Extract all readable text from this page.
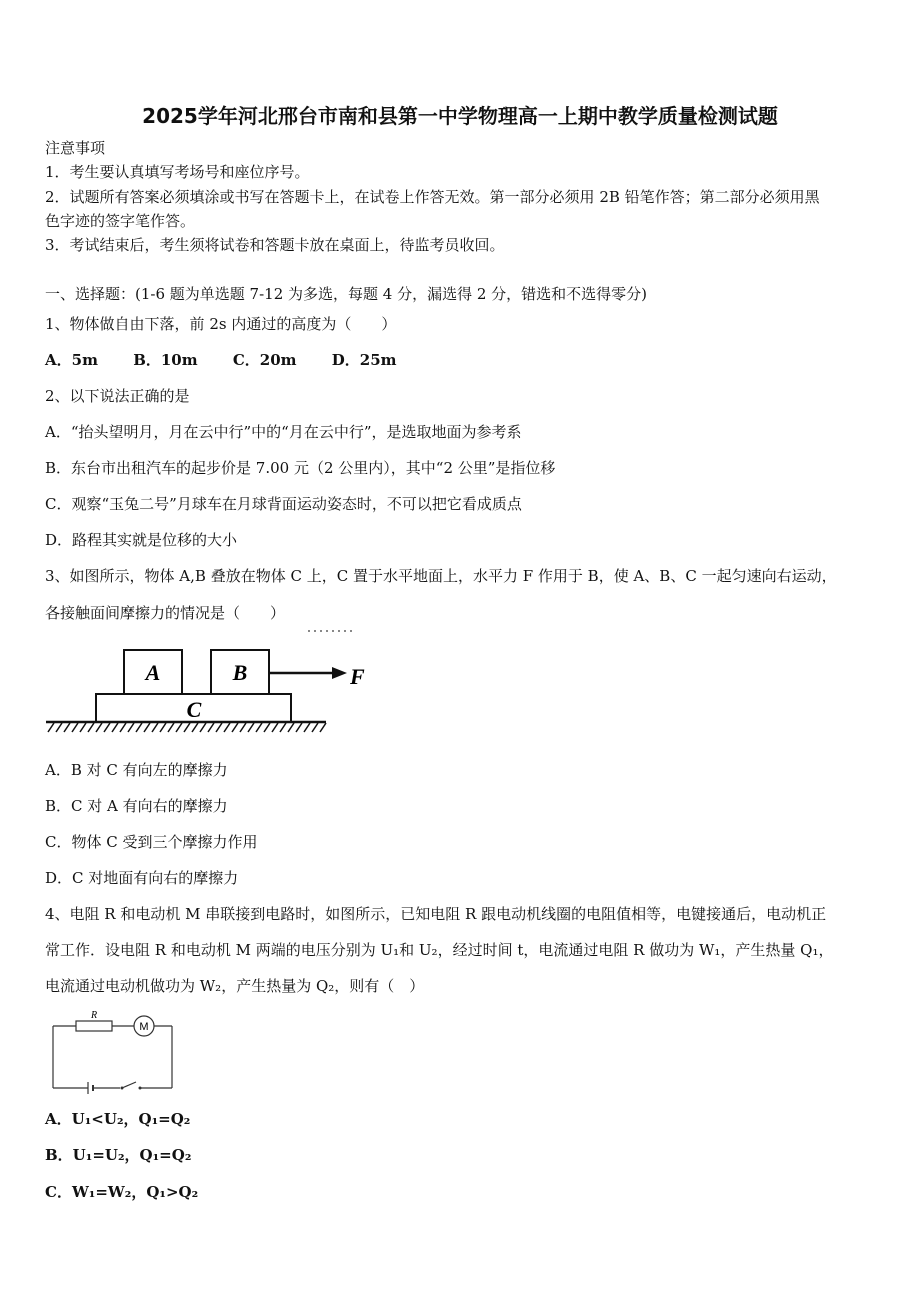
2025学年河北邢台市南和县第一中学物理高一上期中教学质量检测试题
注意事项
1．考生要认真填写考场号和座位序号。
2．试题所有答案必须填涂或书写在答题卡上，在试卷上作答无效。第一部分必须用 2B 铅笔作答；第二部分必须用黑
色字迹的签字笔作答。
3．考试结束后，考生须将试卷和答题卡放在桌面上，待监考员收回。
一、选择题：(1-6 题为单选题 7-12 为多选，每题 4 分，漏选得 2 分，错选和不选得零分)
1、物体做自由下落，前 2s 内通过的高度为（　　）
A．5m B．10m C．20m D．25m
2、以下说法正确的是
A．“抬头望明月，月在云中行”中的“月在云中行”，是选取地面为参考系
B．东台市出租汽车的起步价是 7.00 元（2 公里内），其中“2 公里”是指位移
C．观察“玉兔二号”月球车在月球背面运动姿态时，不可以把它看成质点
D．路程其实就是位移的大小
3、如图所示，物体 A,B 叠放在物体 C 上，C 置于水平地面上，水平力 F 作用于 B，使 A、B、C 一起匀速向右运动，
各接触面间摩擦力的情况是（　　）
A	B	F
C
A．B 对 C 有向左的摩擦力
B．C 对 A 有向右的摩擦力
C．物体 C 受到三个摩擦力作用
D．C 对地面有向右的摩擦力
4、电阻 R 和电动机 M 串联接到电路时，如图所示，已知电阻 R 跟电动机线圈的电阻值相等，电键接通后，电动机正
常工作．设电阻 R 和电动机 M 两端的电压分别为 U₁和 U₂，经过时间 t，电流通过电阻 R 做功为 W₁，产生热量 Q₁，
电流通过电动机做功为 W₂，产生热量为 Q₂，则有（　）
R
M
A．U₁<U₂，Q₁=Q₂
B．U₁=U₂，Q₁=Q₂
C．W₁=W₂，Q₁>Q₂
